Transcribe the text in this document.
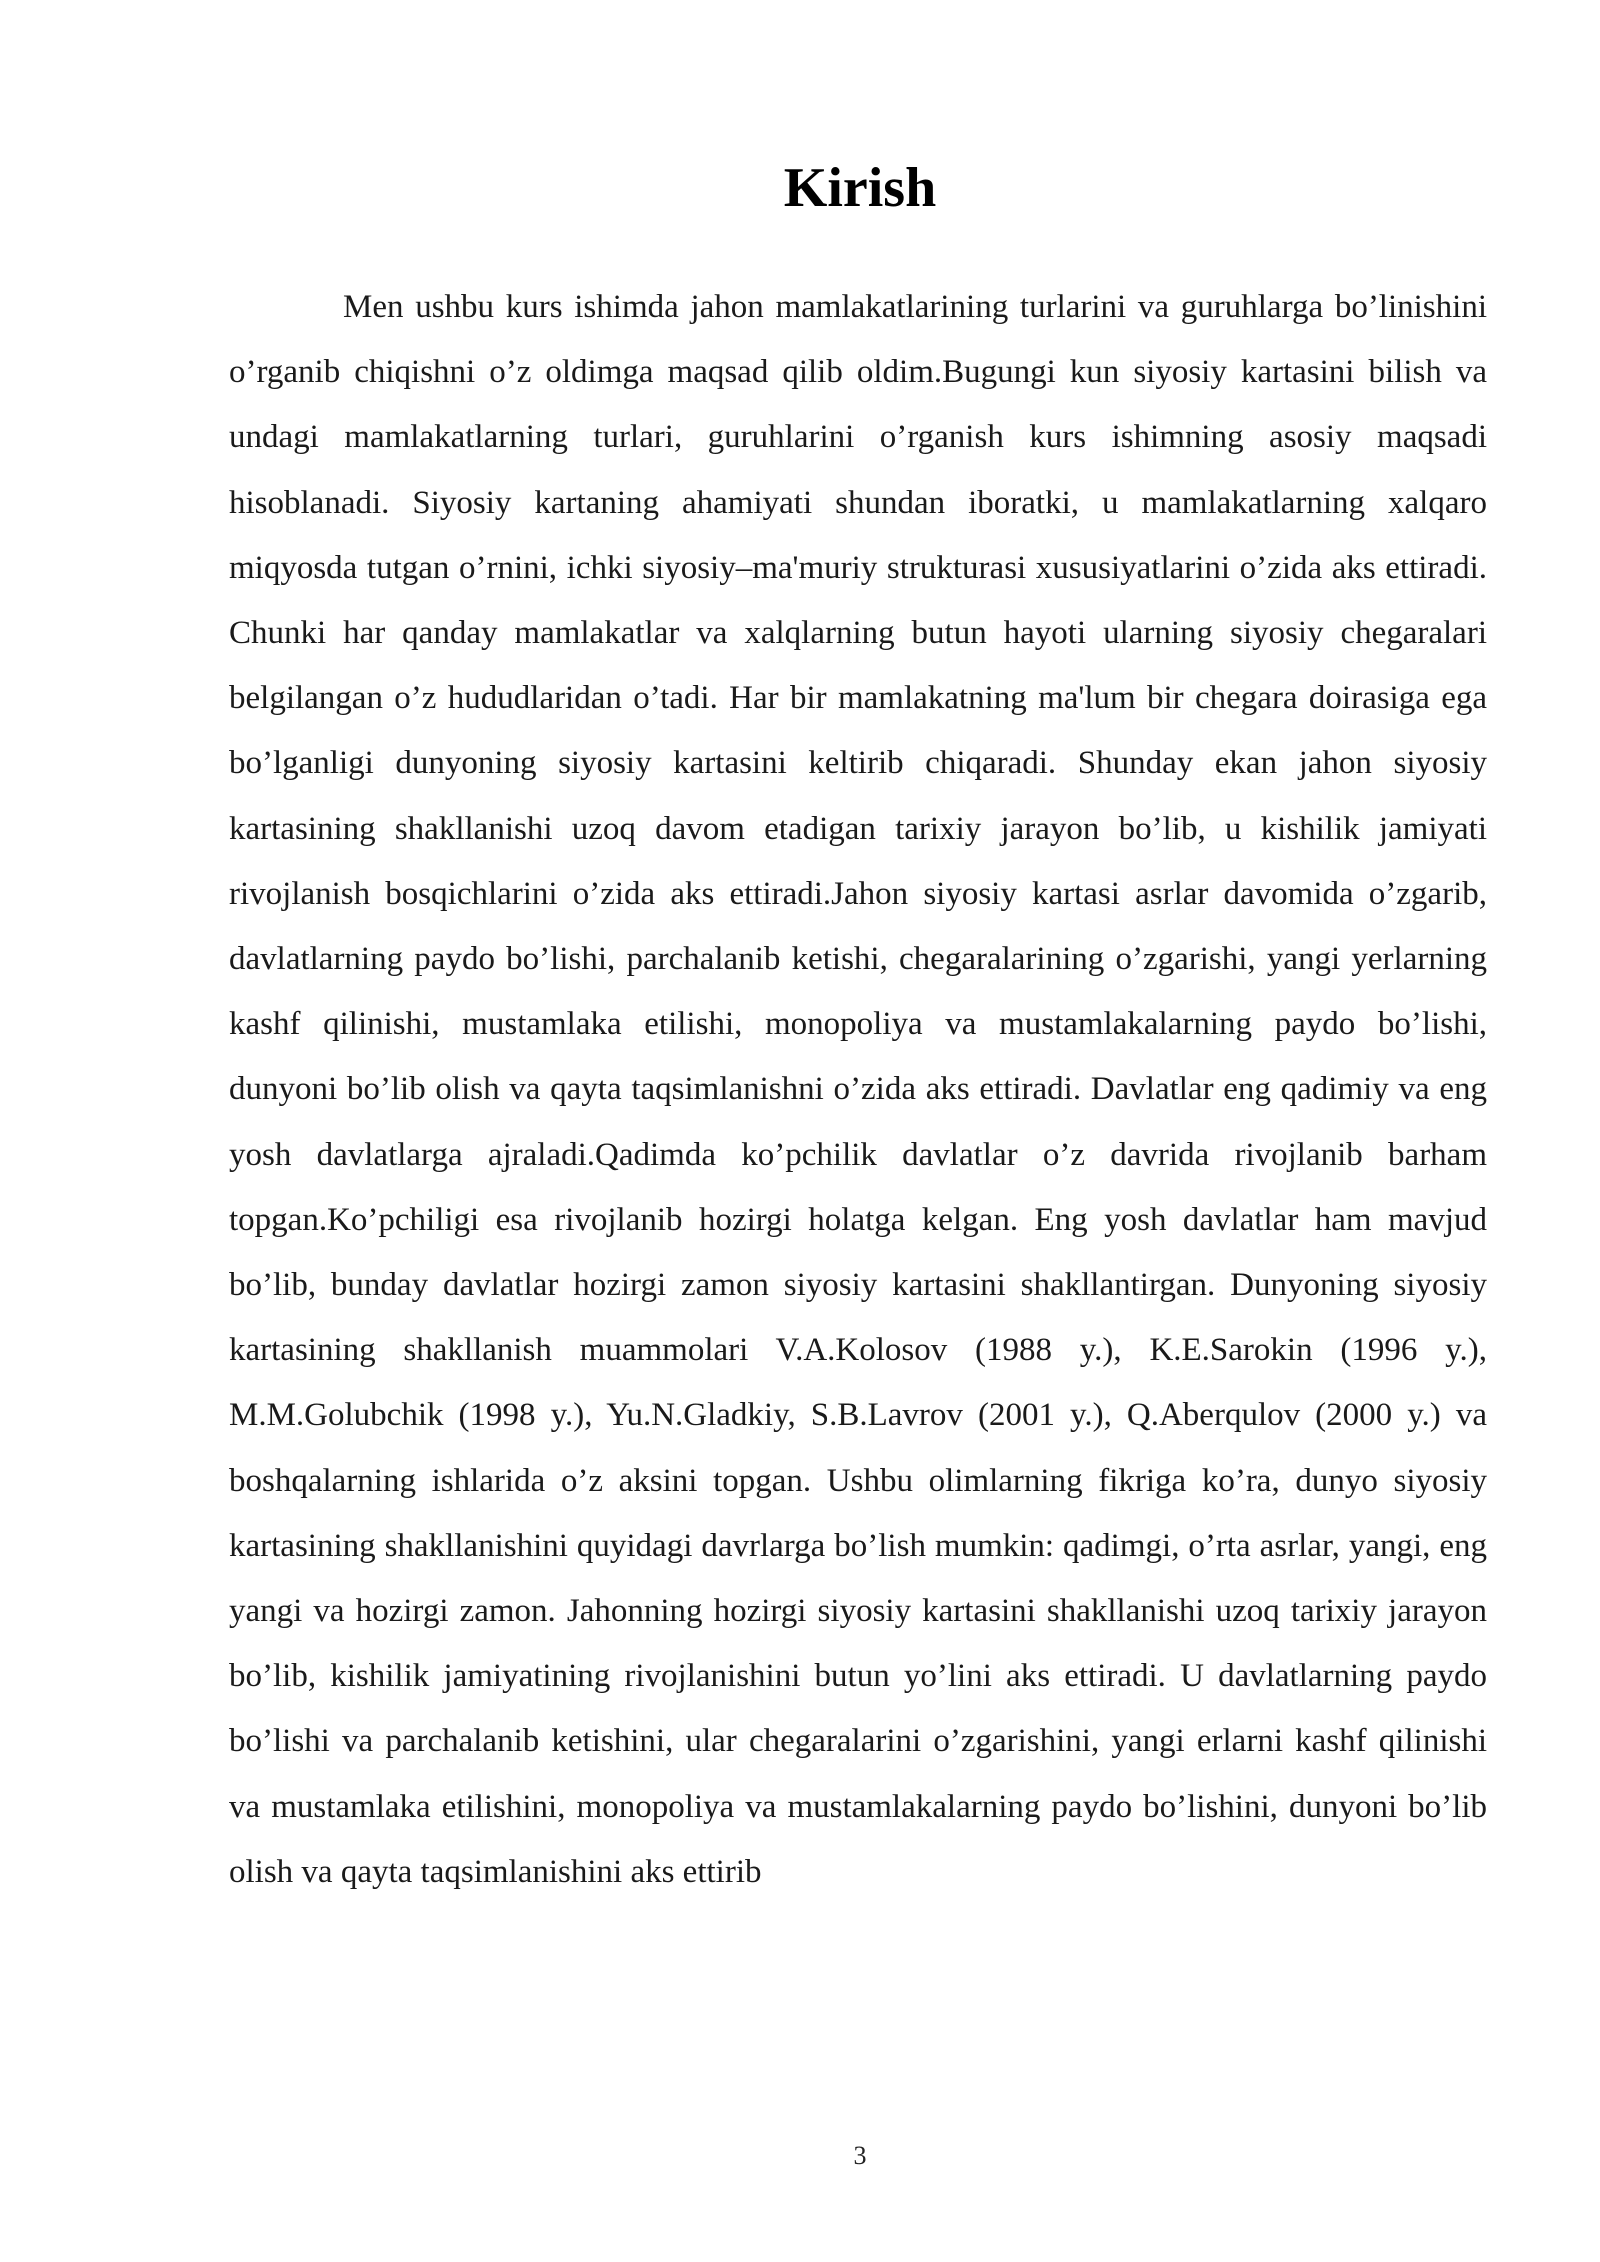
Kirish

Men ushbu kurs ishimda jahon mamlakatlarining turlarini va guruhlarga bo’linishini o’rganib chiqishni o’z oldimga maqsad qilib oldim.Bugungi kun siyosiy kartasini bilish va undagi mamlakatlarning turlari, guruhlarini o’rganish kurs ishimning asosiy maqsadi hisoblanadi. Siyosiy kartaning ahamiyati shundan iboratki, u mamlakatlarning xalqaro miqyosda tutgan o’rnini, ichki siyosiy–ma'muriy strukturasi xususiyatlarini o’zida aks ettiradi. Chunki har qanday mamlakatlar va xalqlarning butun hayoti ularning siyosiy chegaralari belgilangan o’z hududlaridan o’tadi. Har bir mamlakatning ma'lum bir chegara doirasiga ega bo’lganligi dunyoning siyosiy kartasini keltirib chiqaradi. Shunday ekan jahon siyosiy kartasining shakllanishi uzoq davom etadigan tarixiy jarayon bo’lib, u kishilik jamiyati rivojlanish bosqichlarini o’zida aks ettiradi.Jahon siyosiy kartasi asrlar davomida o’zgarib, davlatlarning paydo bo’lishi, parchalanib ketishi, chegaralarining o’zgarishi, yangi yerlarning kashf qilinishi, mustamlaka etilishi, monopoliya va mustamlakalarning paydo bo’lishi, dunyoni bo’lib olish va qayta taqsimlanishni o’zida aks ettiradi. Davlatlar eng qadimiy va eng yosh davlatlarga ajraladi.Qadimda ko’pchilik davlatlar o’z davrida rivojlanib barham topgan.Ko’pchiligi esa rivojlanib hozirgi holatga kelgan. Eng yosh davlatlar ham mavjud bo’lib, bunday davlatlar hozirgi zamon siyosiy kartasini shakllantirgan. Dunyoning siyosiy kartasining shakllanish muammolari V.A.Kolosov (1988 y.), K.E.Sarokin (1996 y.), M.M.Golubchik (1998 y.), Yu.N.Gladkiy, S.B.Lavrov (2001 y.), Q.Aberqulov (2000 y.) va boshqalarning ishlarida o’z aksini topgan. Ushbu olimlarning fikriga ko’ra, dunyo siyosiy kartasining shakllanishini quyidagi davrlarga bo’lish mumkin: qadimgi, o’rta asrlar, yangi, eng yangi va hozirgi zamon. Jahonning hozirgi siyosiy kartasini shakllanishi uzoq tarixiy jarayon bo’lib, kishilik jamiyatining rivojlanishini butun yo’lini aks ettiradi. U davlatlarning paydo bo’lishi va parchalanib ketishini, ular chegaralarini o’zgarishini, yangi erlarni kashf qilinishi va mustamlaka etilishini, monopoliya va mustamlakalarning paydo bo’lishini, dunyoni bo’lib olish va qayta taqsimlanishini aks ettirib

3
